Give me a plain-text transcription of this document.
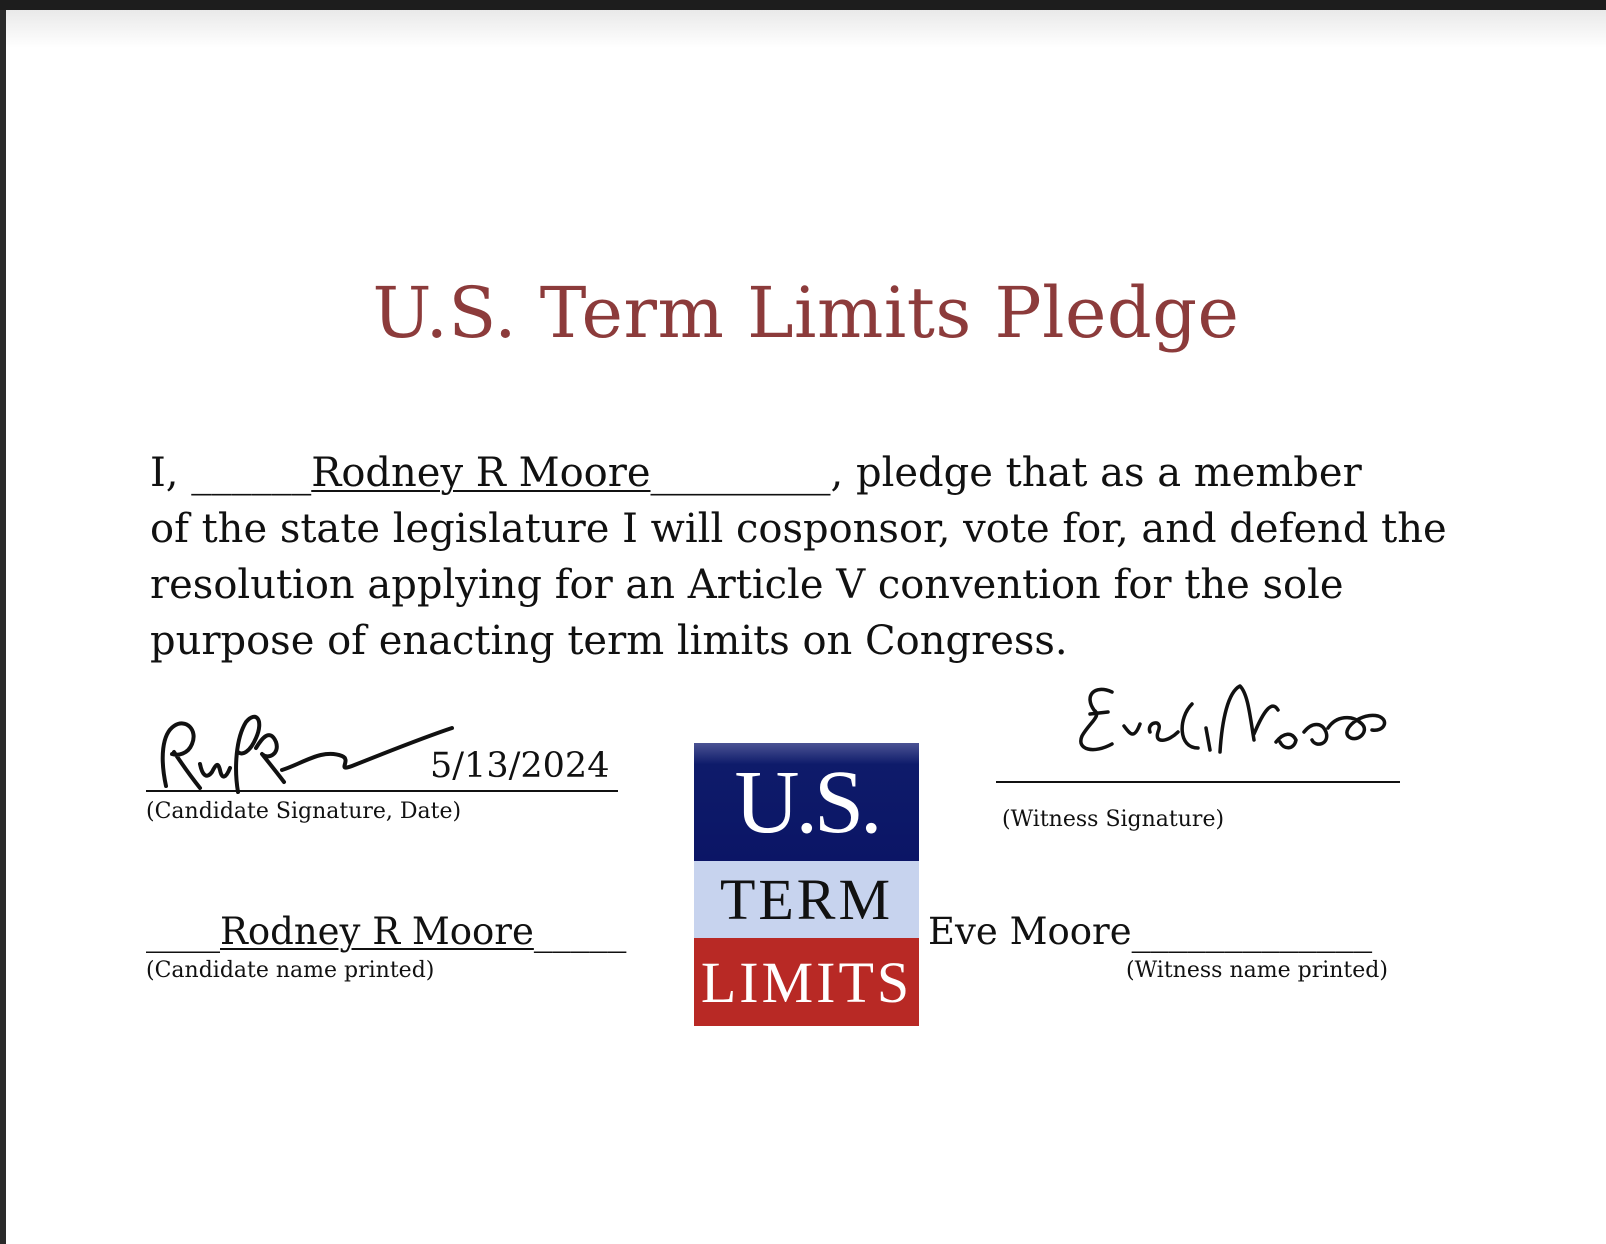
U.S. Term Limits Pledge
I, ______Rodney R Moore_________, pledge that as a member
of the state legislature I will cosponsor, vote for, and defend the
resolution applying for an Article V convention for the sole
purpose of enacting term limits on Congress.
5/13/2024
(Candidate Signature, Date)	(Witness Signature)
____Rodney R Moore_____
(Candidate name printed)
Eve Moore_____________
(Witness name printed)
U.S.
TERM
LIMITS
